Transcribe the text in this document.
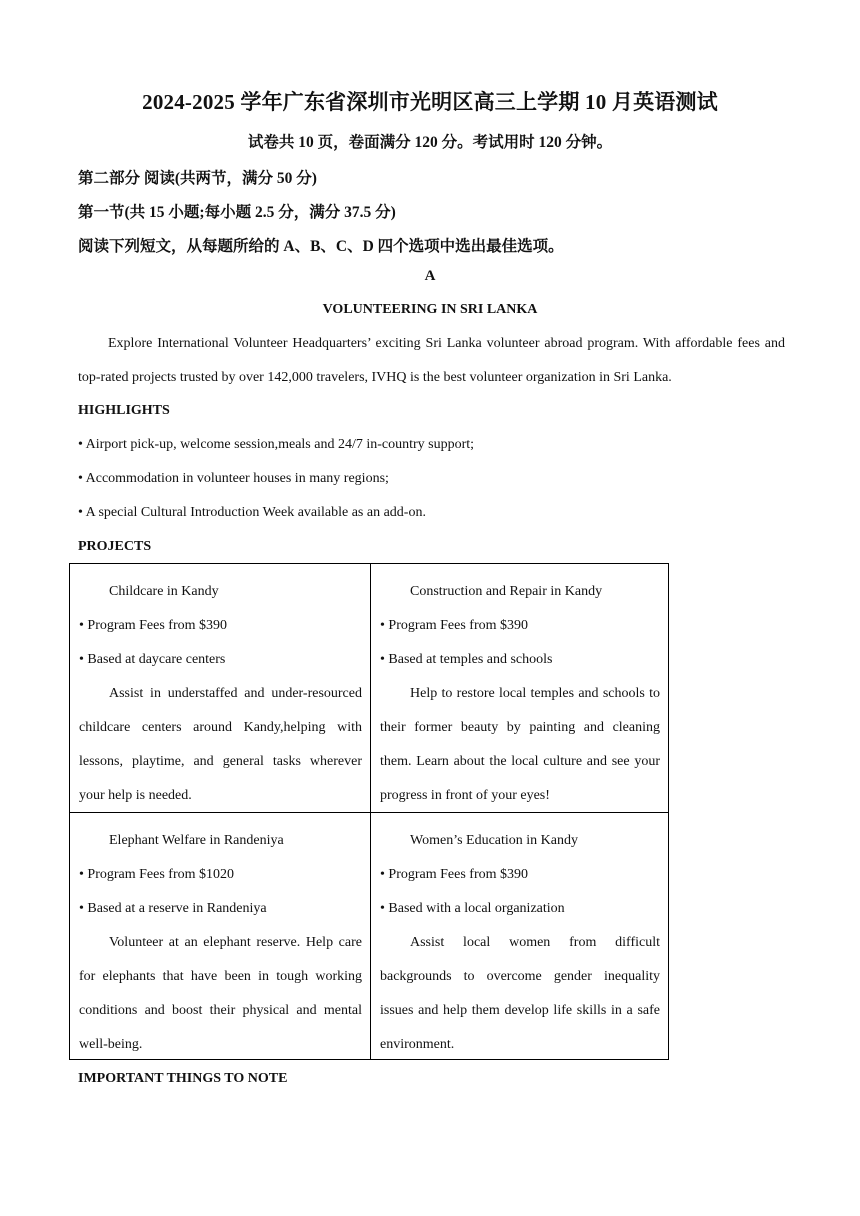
2024-2025 学年广东省深圳市光明区高三上学期 10 月英语测试
试卷共 10 页，卷面满分 120 分。考试用时 120 分钟。
第二部分 阅读(共两节，满分 50 分)
第一节(共 15 小题;每小题 2.5 分，满分 37.5 分)
阅读下列短文，从每题所给的 A、B、C、D 四个选项中选出最佳选项。
A
VOLUNTEERING IN SRI LANKA
Explore International Volunteer Headquarters’ exciting Sri Lanka volunteer abroad program. With affordable fees and top-rated projects trusted by over 142,000 travelers, IVHQ is the best volunteer organization in Sri Lanka.
HIGHLIGHTS
• Airport pick-up, welcome session,meals and 24/7 in-country support;
• Accommodation in volunteer houses in many regions;
• A special Cultural Introduction Week available as an add-on.
PROJECTS
Childcare in Kandy
• Program Fees from $390
• Based at daycare centers
Assist in understaffed and under-resourced childcare centers around Kandy,helping with lessons, playtime, and general tasks wherever your help is needed.
Construction and Repair in Kandy
• Program Fees from $390
• Based at temples and schools
Help to restore local temples and schools to their former beauty by painting and cleaning them. Learn about the local culture and see your progress in front of your eyes!
Elephant Welfare in Randeniya
• Program Fees from $1020
• Based at a reserve in Randeniya
Volunteer at an elephant reserve. Help care for elephants that have been in tough working conditions and boost their physical and mental well-being.
Women’s Education in Kandy
• Program Fees from $390
• Based with a local organization
Assist local women from difficult backgrounds to overcome gender inequality issues and help them develop life skills in a safe environment.
IMPORTANT THINGS TO NOTE
